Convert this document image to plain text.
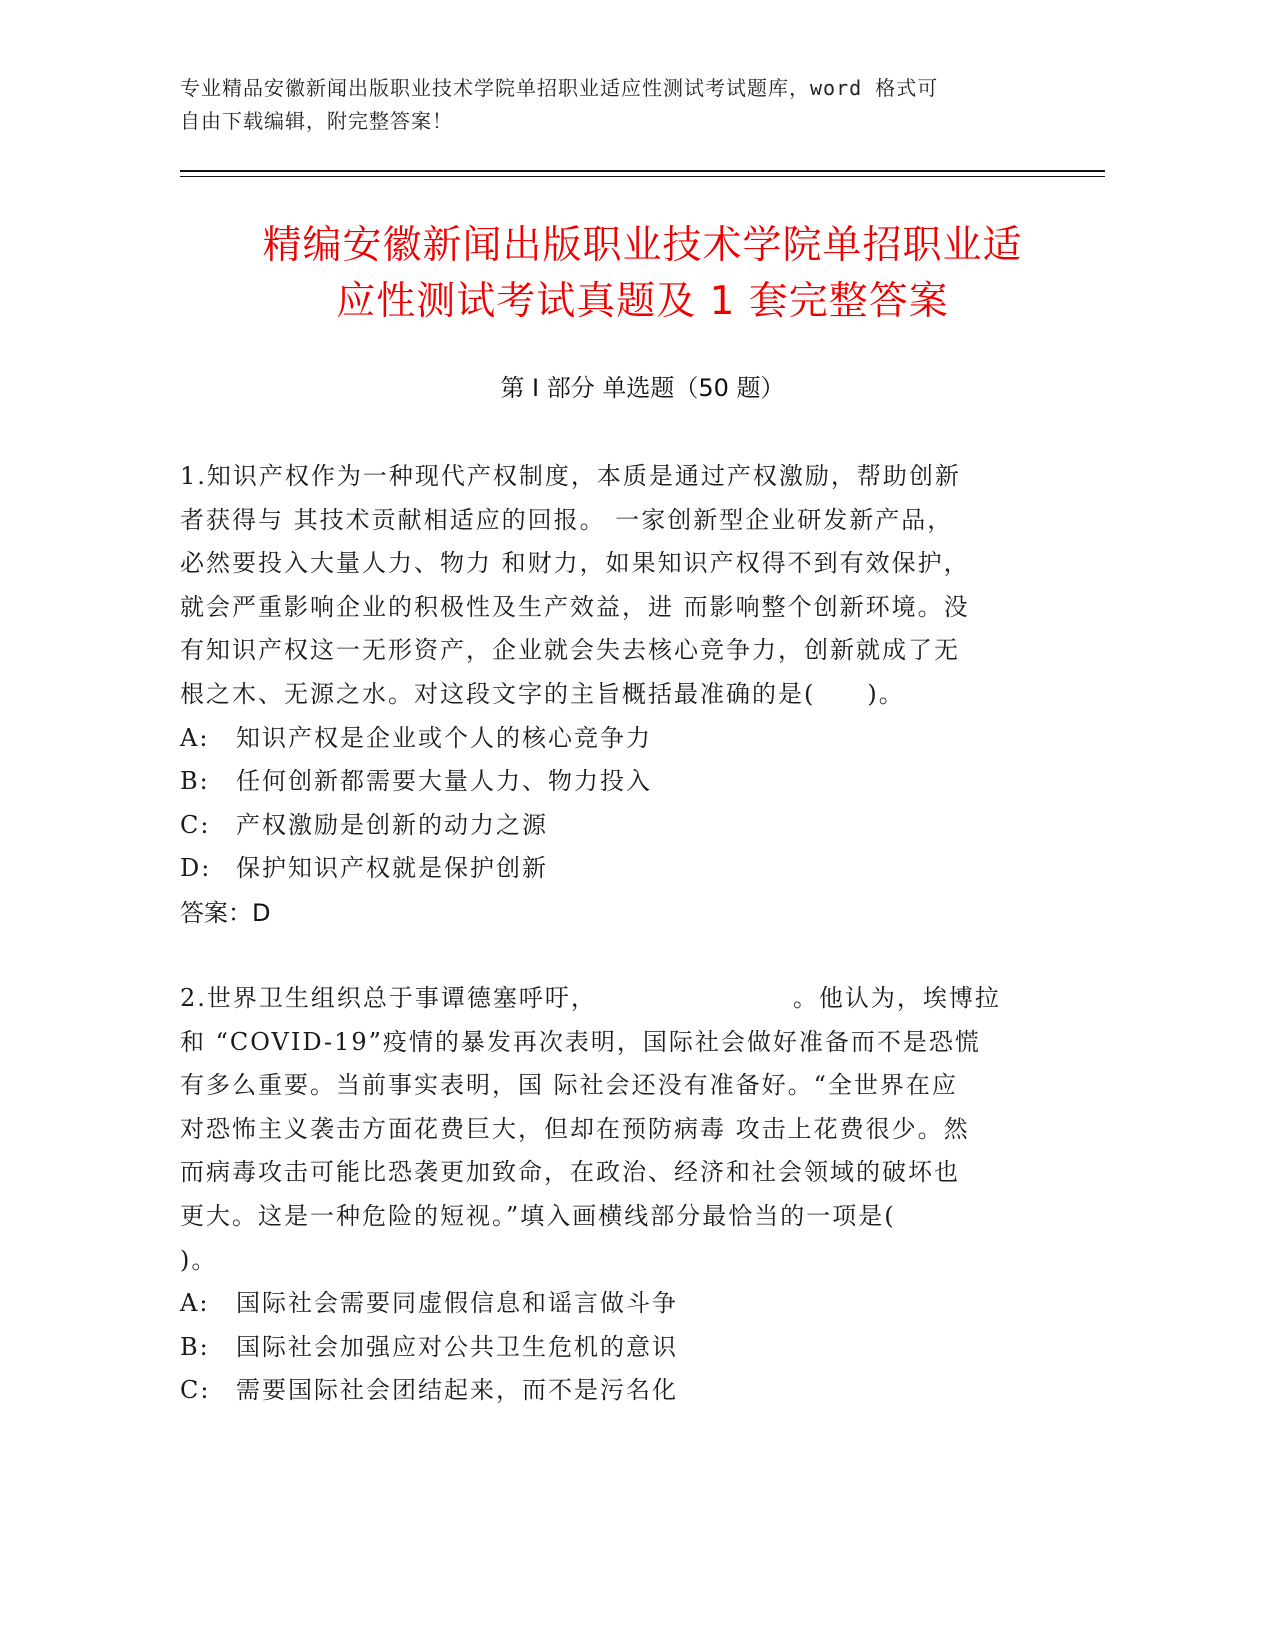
专业精品安徽新闻出版职业技术学院单招职业适应性测试考试题库，word 格式可
自由下载编辑，附完整答案！
精编安徽新闻出版职业技术学院单招职业适
应性测试考试真题及 1 套完整答案
第 I 部分 单选题（50 题）
1.知识产权作为一种现代产权制度，本质是通过产权激励，帮助创新
者获得与 其技术贡献相适应的回报。 一家创新型企业研发新产品，
必然要投入大量人力、物力 和财力，如果知识产权得不到有效保护，
就会严重影响企业的积极性及生产效益，进 而影响整个创新环境。没
有知识产权这一无形资产，企业就会失去核心竞争力，创新就成了无
根之木、无源之水。对这段文字的主旨概括最准确的是(　　)。
A:	知识产权是企业或个人的核心竞争力
B:	任何创新都需要大量人力、物力投入
C:	产权激励是创新的动力之源
D:	保护知识产权就是保护创新
答案：D
2.世界卫生组织总于事谭德塞呼吁，　　　　　　　　。他认为，埃博拉
和 “COVID-19”疫情的暴发再次表明，国际社会做好准备而不是恐慌
有多么重要。当前事实表明，国 际社会还没有准备好。“全世界在应
对恐怖主义袭击方面花费巨大，但却在预防病毒 攻击上花费很少。然
而病毒攻击可能比恐袭更加致命，在政治、经济和社会领域的破坏也
更大。这是一种危险的短视。”填入画横线部分最恰当的一项是(
)。
A:	国际社会需要同虚假信息和谣言做斗争
B:	国际社会加强应对公共卫生危机的意识
C:	需要国际社会团结起来，而不是污名化
